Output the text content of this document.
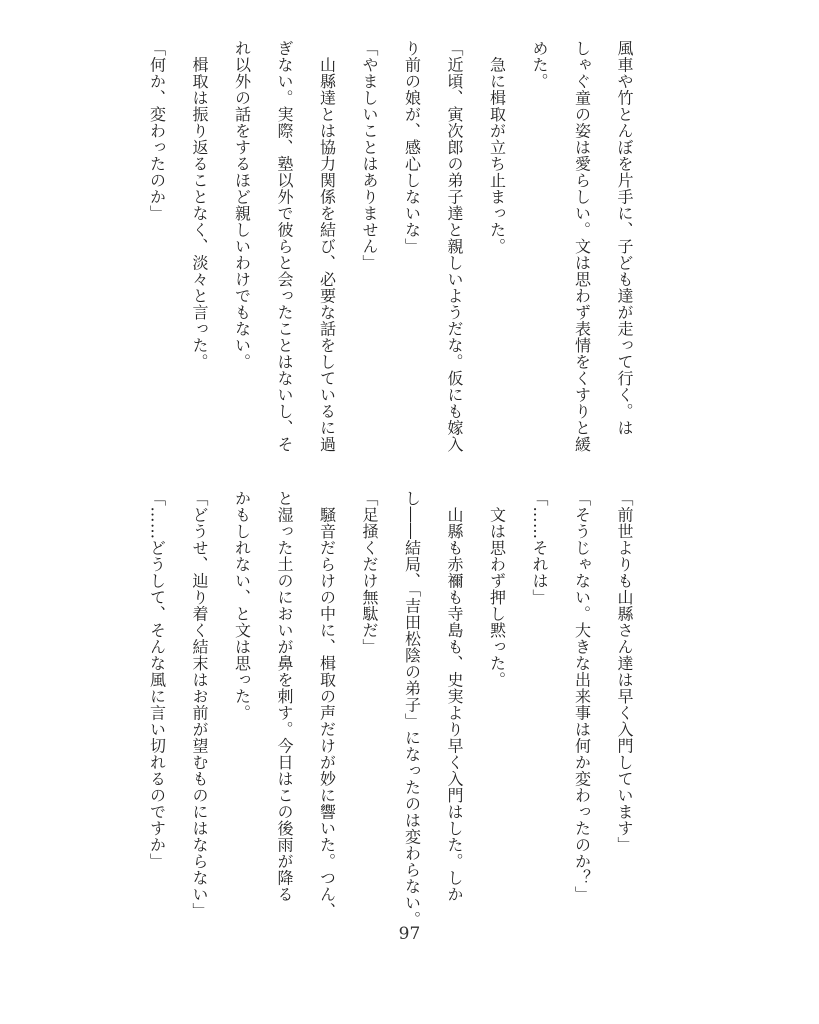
風車や竹とんぼを片手に、子ども達が走って行く。は
しゃぐ童の姿は愛らしい。文は思わず表情をくすりと緩
めた。
　急に楫取が立ち止まった。
「近頃、寅次郎の弟子達と親しいようだな。仮にも嫁入
り前の娘が、感心しないな」
「やましいことはありません」
　山縣達とは協力関係を結び、必要な話をしているに過
ぎない。実際、塾以外で彼らと会ったことはないし、そ
れ以外の話をするほど親しいわけでもない。
　楫取は振り返ることなく、淡々と言った。
「何か、変わったのか」
「前世よりも山縣さん達は早く入門しています」
「そうじゃない。大きな出来事は何か変わったのか？」
「……それは」
　文は思わず押し黙った。
　山縣も赤禰も寺島も、史実より早く入門はした。しか
し――結局、「吉田松陰の弟子」になったのは変わらない。
「足掻くだけ無駄だ」
　騒音だらけの中に、楫取の声だけが妙に響いた。つん、
と湿った土のにおいが鼻を刺す。今日はこの後雨が降る
かもしれない、と文は思った。
「どうせ、辿り着く結末はお前が望むものにはならない」
「……どうして、そんな風に言い切れるのですか」
97
